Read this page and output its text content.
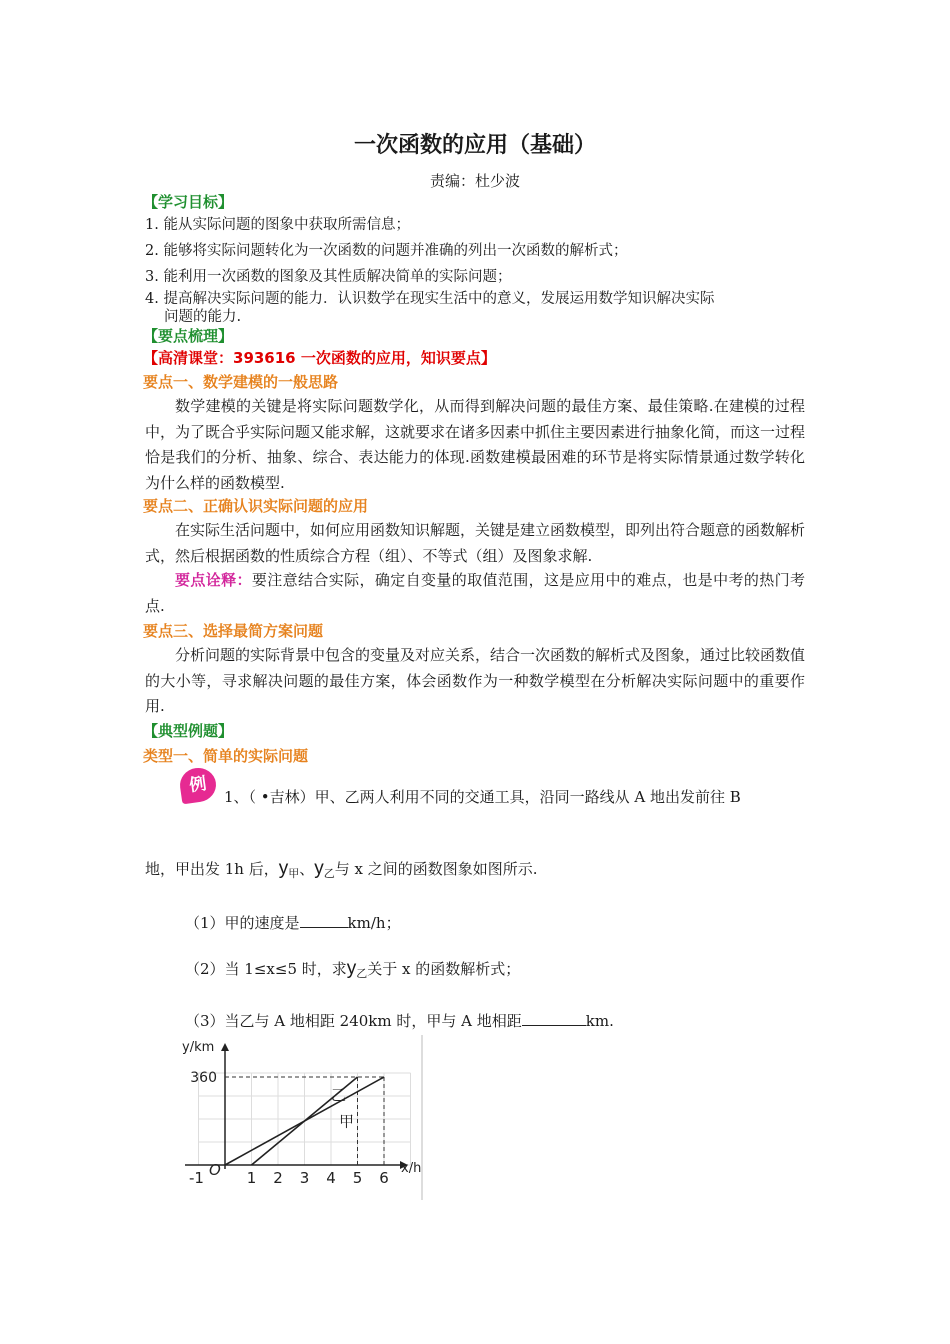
一次函数的应用（基础）
责编：杜少波
【学习目标】
1. 能从实际问题的图象中获取所需信息；
2. 能够将实际问题转化为一次函数的问题并准确的列出一次函数的解析式；
3. 能利用一次函数的图象及其性质解决简单的实际问题；
4. 提高解决实际问题的能力．认识数学在现实生活中的意义，发展运用数学知识解决实际
问题的能力.
【要点梳理】
【高清课堂：393616 一次函数的应用，知识要点】
要点一、数学建模的一般思路
数学建模的关键是将实际问题数学化，从而得到解决问题的最佳方案、最佳策略.在建模的过程中，为了既合乎实际问题又能求解，这就要求在诸多因素中抓住主要因素进行抽象化简，而这一过程恰是我们的分析、抽象、综合、表达能力的体现.函数建模最困难的环节是将实际情景通过数学转化为什么样的函数模型.
要点二、正确认识实际问题的应用
在实际生活问题中，如何应用函数知识解题，关键是建立函数模型，即列出符合题意的函数解析式，然后根据函数的性质综合方程（组）、不等式（组）及图象求解.
要点诠释：要注意结合实际，确定自变量的取值范围，这是应用中的难点，也是中考的热门考点.
要点三、选择最简方案问题
分析问题的实际背景中包含的变量及对应关系，结合一次函数的解析式及图象，通过比较函数值的大小等，寻求解决问题的最佳方案，体会函数作为一种数学模型在分析解决实际问题中的重要作用.
【典型例题】
类型一、简单的实际问题
例
1、（ •吉林）甲、乙两人利用不同的交通工具，沿同一路线从 A 地出发前往 B
地，甲出发 1h 后，$y_甲$、$y_乙$与 x 之间的函数图象如图所示.
（1）甲的速度是	km/h；
（2）当 1≤x≤5 时，求$y_乙$关于 x 的函数解析式；
（3）当乙与 A 地相距 240km 时，甲与 A 地相距	km.
y/km
x/h
O
-1	1 2 3 4 5 6
360
乙
甲
